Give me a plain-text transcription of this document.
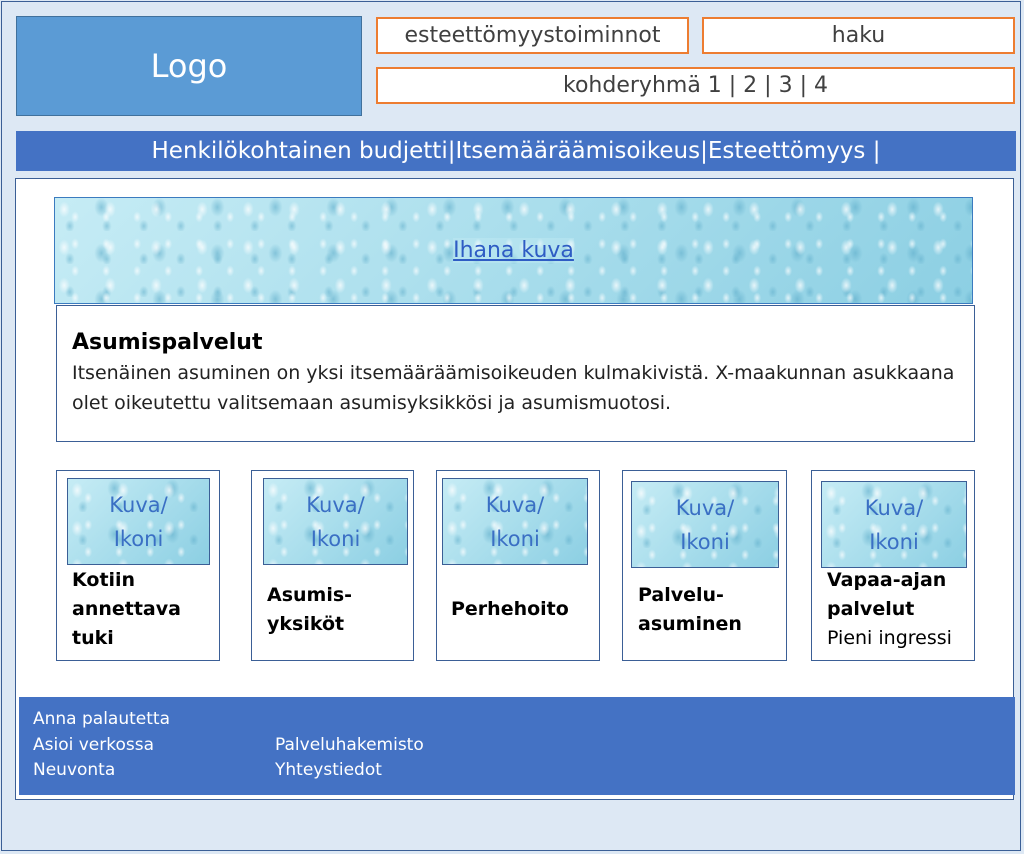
Logo
esteettömyystoiminnot	haku
kohderyhmä 1 | 2 | 3 | 4
Henkilökohtainen budjetti| Itsemääräämisoikeus| Esteettömyys |
Ihana kuva
Asumispalvelut
Itsenäinen asuminen on yksi itsemääräämisoikeuden kulmakivistä. X-maakunnan asukkaana olet oikeutettu valitsemaan asumisyksikkösi ja asumismuotosi.
Kuva/
Ikoni
Kotiin
annettava
tuki
Kuva/
Ikoni
Asumis-
yksiköt
Kuva/
Ikoni
Perhehoito
Kuva/
Ikoni
Palvelu-
asuminen
Kuva/
Ikoni
Vapaa-ajan
palvelut
Pieni ingressi
Anna palautetta
Asioi verkossa
Neuvonta
Palveluhakemisto
Yhteystiedot
